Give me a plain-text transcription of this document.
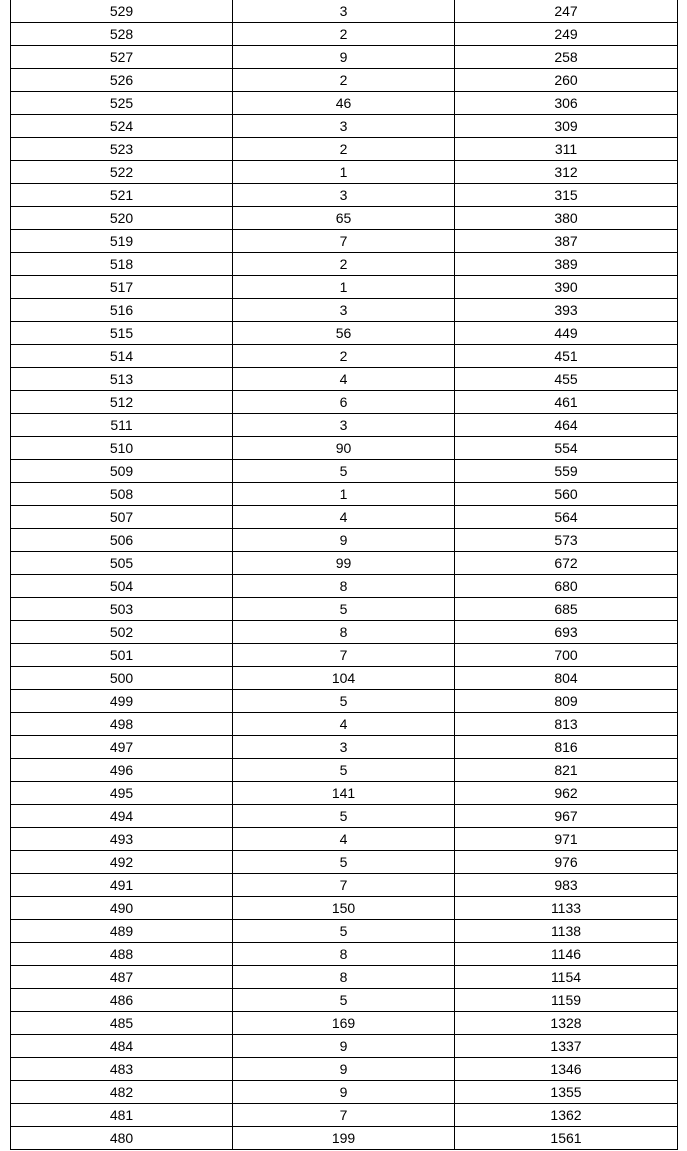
529	3	247
528	2	249
527	9	258
526	2	260
525	46	306
524	3	309
523	2	311
522	1	312
521	3	315
520	65	380
519	7	387
518	2	389
517	1	390
516	3	393
515	56	449
514	2	451
513	4	455
512	6	461
511	3	464
510	90	554
509	5	559
508	1	560
507	4	564
506	9	573
505	99	672
504	8	680
503	5	685
502	8	693
501	7	700
500	104	804
499	5	809
498	4	813
497	3	816
496	5	821
495	141	962
494	5	967
493	4	971
492	5	976
491	7	983
490	150	1133
489	5	1138
488	8	1146
487	8	1154
486	5	1159
485	169	1328
484	9	1337
483	9	1346
482	9	1355
481	7	1362
480	199	1561
